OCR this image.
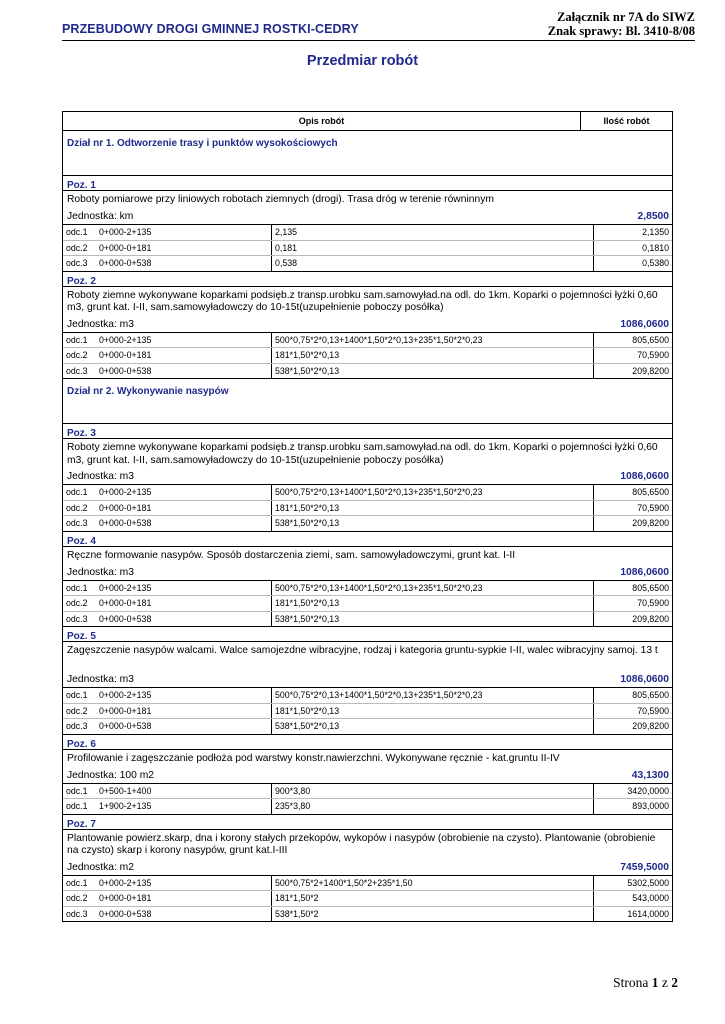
PRZEBUDOWY DROGI GMINNEJ ROSTKI-CEDRY
Załącznik nr 7A do SIWZ
Znak sprawy: Bl. 3410-8/08
Przedmiar robót
Opis robót	Ilość robót
Dział nr 1. Odtworzenie trasy i punktów wysokościowych
Poz. 1
Roboty pomiarowe przy liniowych robotach ziemnych (drogi). Trasa dróg w terenie równinnym
Jednostka: km	2,8500
odc.1	0+000-2+135	2,135	2,1350
odc.2	0+000-0+181	0,181	0,1810
odc.3	0+000-0+538	0,538	0,5380
Poz. 2
Roboty ziemne wykonywane koparkami podsięb.z transp.urobku sam.samowyład.na odl. do 1km. Koparki o pojemności łyżki 0,60 m3, grunt kat. I-II, sam.samowyładowczy do 10-15t(uzupełnienie poboczy posółka)
Jednostka: m3	1086,0600
odc.1	0+000-2+135	500*0,75*2*0,13+1400*1,50*2*0,13+235*1,50*2*0,23	805,6500
odc.2	0+000-0+181	181*1,50*2*0,13	70,5900
odc.3	0+000-0+538	538*1,50*2*0,13	209,8200
Dział nr 2. Wykonywanie nasypów
Poz. 3
Roboty ziemne wykonywane koparkami podsięb.z transp.urobku sam.samowyład.na odl. do 1km. Koparki o pojemności łyżki 0,60 m3, grunt kat. I-II, sam.samowyładowczy do 10-15t(uzupełnienie poboczy posółka)
Jednostka: m3	1086,0600
odc.1	0+000-2+135	500*0,75*2*0,13+1400*1,50*2*0,13+235*1,50*2*0,23	805,6500
odc.2	0+000-0+181	181*1,50*2*0,13	70,5900
odc.3	0+000-0+538	538*1,50*2*0,13	209,8200
Poz. 4
Ręczne formowanie nasypów. Sposób dostarczenia ziemi, sam. samowyładowczymi, grunt kat. I-II
Jednostka: m3	1086,0600
odc.1	0+000-2+135	500*0,75*2*0,13+1400*1,50*2*0,13+235*1,50*2*0,23	805,6500
odc.2	0+000-0+181	181*1,50*2*0,13	70,5900
odc.3	0+000-0+538	538*1,50*2*0,13	209,8200
Poz. 5
Zagęszczenie nasypów walcami. Walce samojezdne wibracyjne, rodzaj i kategoria gruntu-sypkie I-II, walec wibracyjny samoj. 13 t
Jednostka: m3	1086,0600
odc.1	0+000-2+135	500*0,75*2*0,13+1400*1,50*2*0,13+235*1,50*2*0,23	805,6500
odc.2	0+000-0+181	181*1,50*2*0,13	70,5900
odc.3	0+000-0+538	538*1,50*2*0,13	209,8200
Poz. 6
Profilowanie i zagęszczanie podłoża pod warstwy konstr.nawierzchni. Wykonywane ręcznie - kat.gruntu II-IV
Jednostka: 100 m2	43,1300
odc.1	0+500-1+400	900*3,80	3420,0000
odc.1	1+900-2+135	235*3,80	893,0000
Poz. 7
Plantowanie powierz.skarp, dna i korony stałych przekopów, wykopów i nasypów (obrobienie na czysto). Plantowanie (obrobienie na czysto) skarp i korony nasypów, grunt kat.I-III
Jednostka: m2	7459,5000
odc.1	0+000-2+135	500*0,75*2+1400*1,50*2+235*1,50	5302,5000
odc.2	0+000-0+181	181*1,50*2	543,0000
odc.3	0+000-0+538	538*1,50*2	1614,0000
Strona 1 z 2
